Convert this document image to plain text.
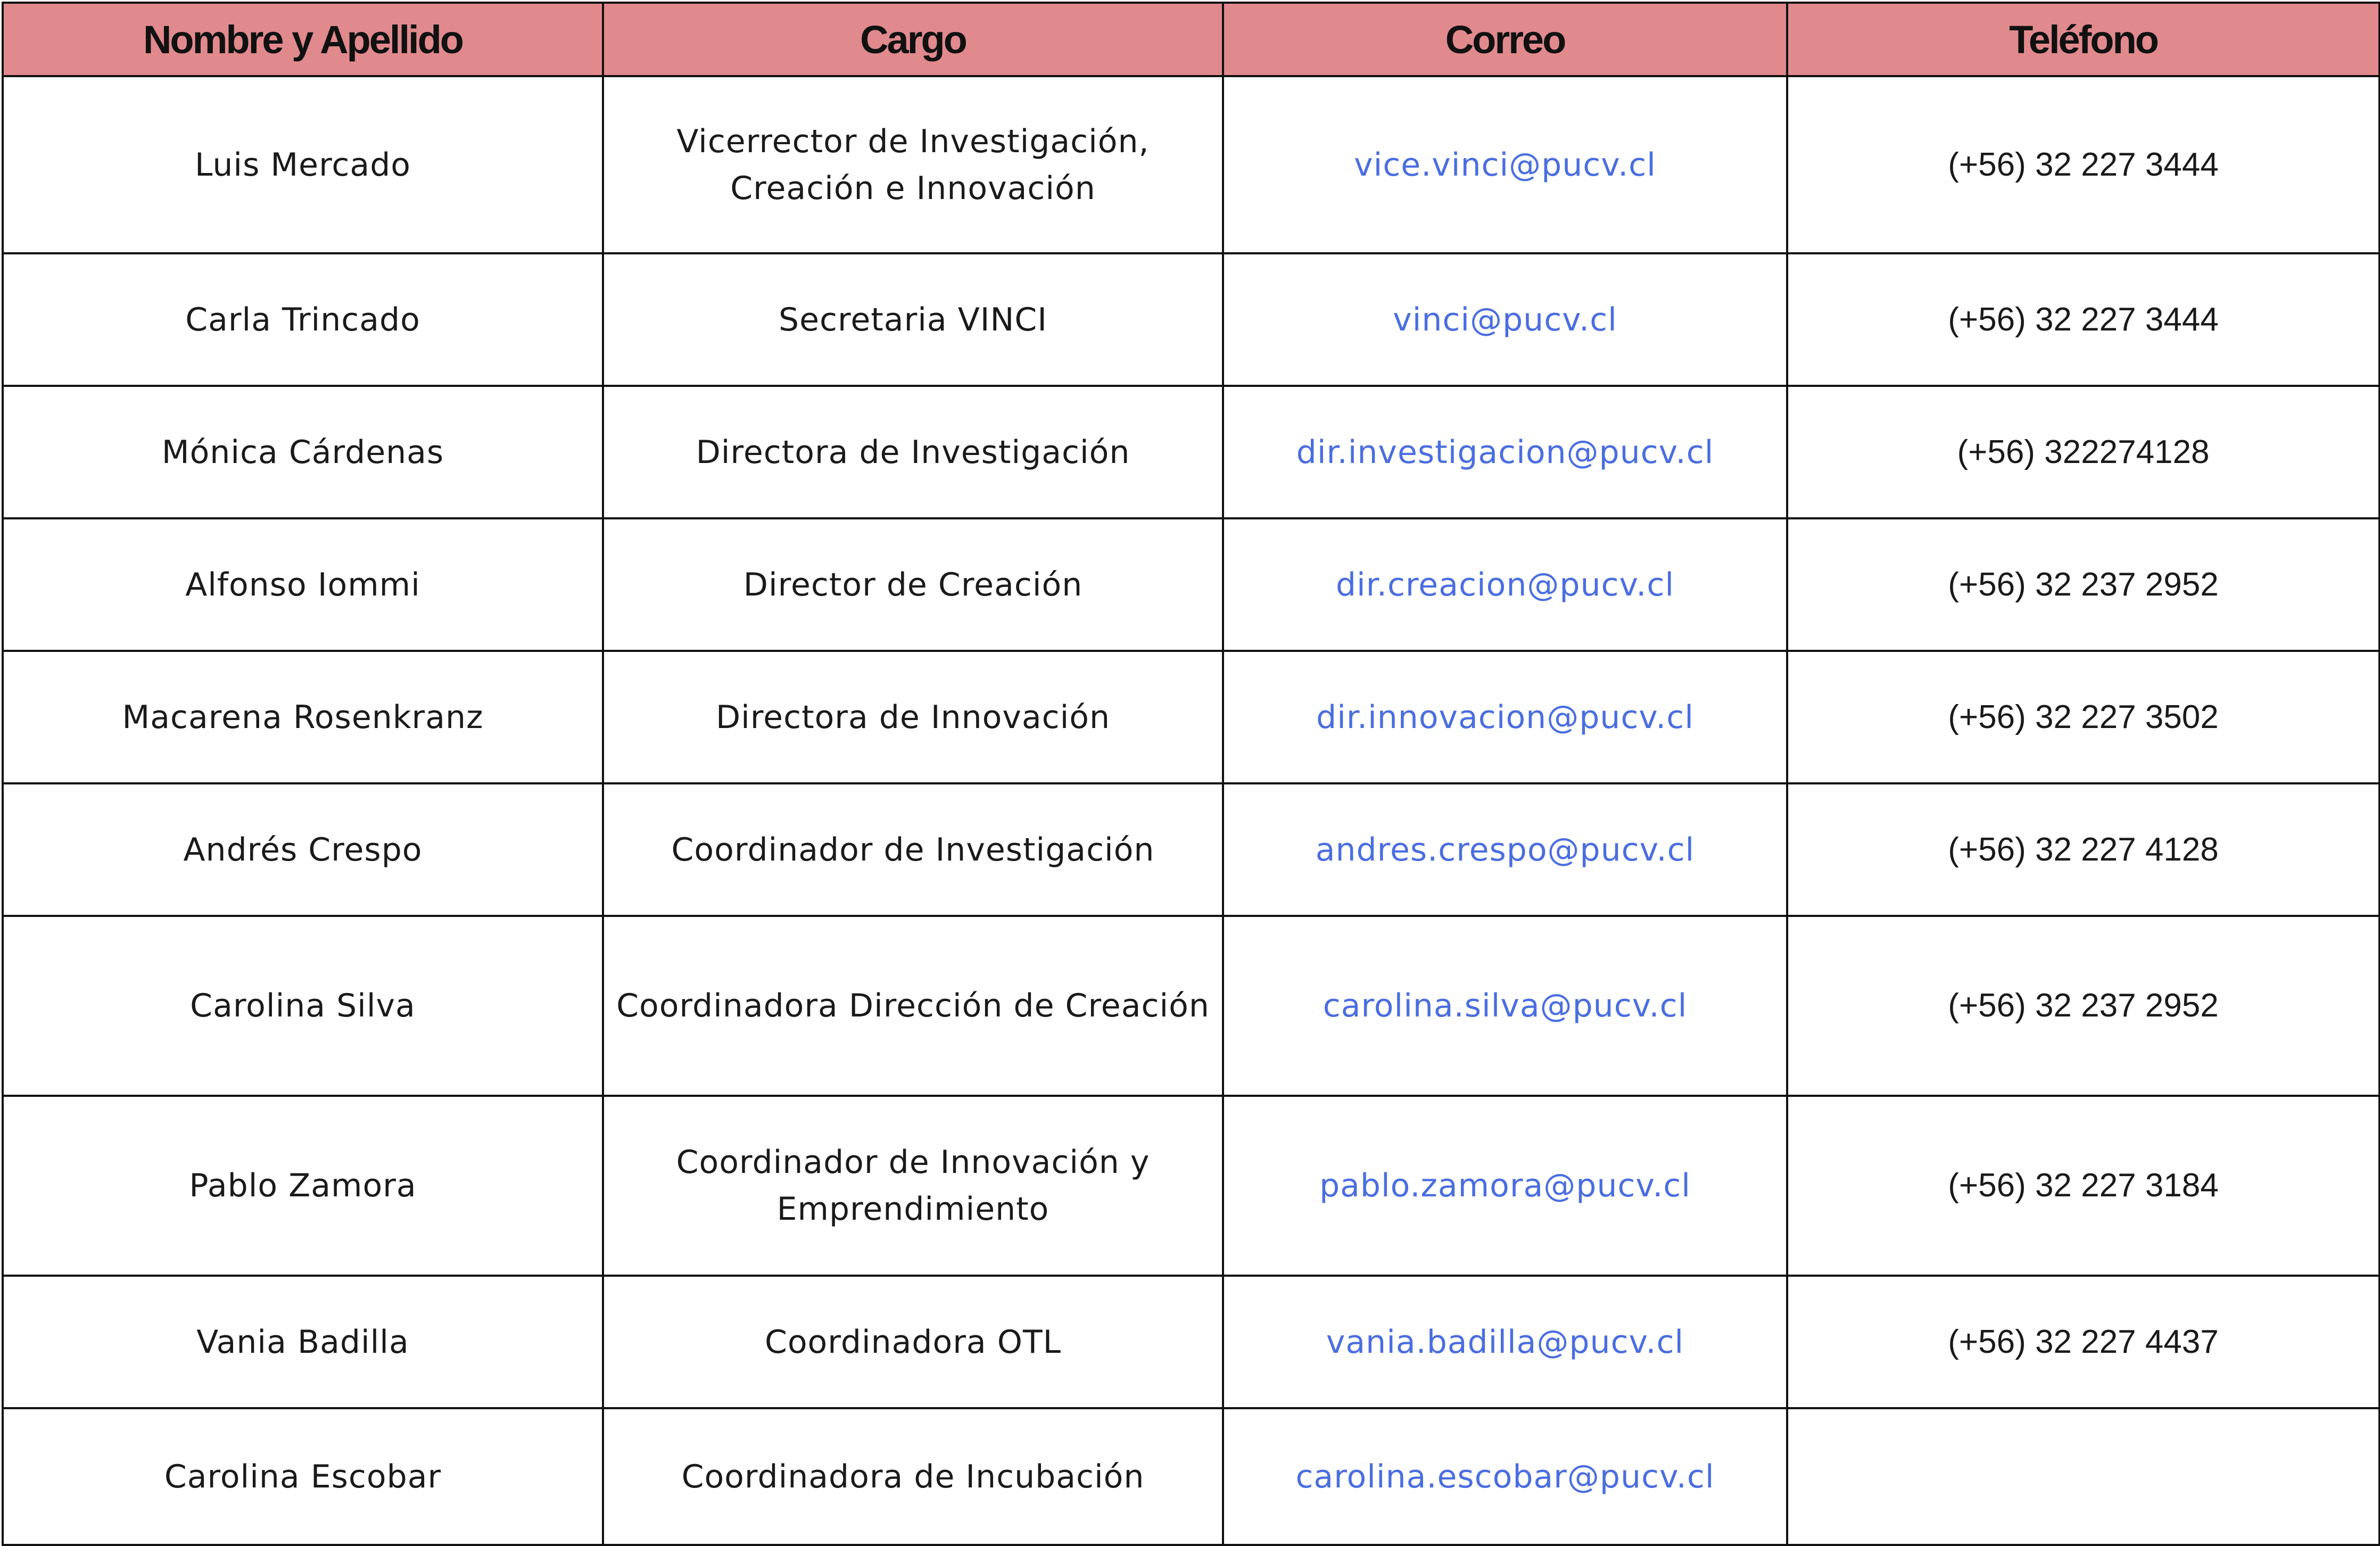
Nombre y Apellido	Cargo	Correo	Teléfono
Luis Mercado	Vicerrector de Investigación, Creación e Innovación	vice.vinci@pucv.cl	(+56) 32 227 3444
Carla Trincado	Secretaria VINCI	vinci@pucv.cl	(+56) 32 227 3444
Mónica Cárdenas	Directora de Investigación	dir.investigacion@pucv.cl	(+56) 322274128
Alfonso Iommi	Director de Creación	dir.creacion@pucv.cl	(+56) 32 237 2952
Macarena Rosenkranz	Directora de Innovación	dir.innovacion@pucv.cl	(+56) 32 227 3502
Andrés Crespo	Coordinador de Investigación	andres.crespo@pucv.cl	(+56) 32 227 4128
Carolina Silva	Coordinadora Dirección de Creación	carolina.silva@pucv.cl	(+56) 32 237 2952
Pablo Zamora	Coordinador de Innovación y Emprendimiento	pablo.zamora@pucv.cl	(+56) 32 227 3184
Vania Badilla	Coordinadora OTL	vania.badilla@pucv.cl	(+56) 32 227 4437
Carolina Escobar	Coordinadora de Incubación	carolina.escobar@pucv.cl	
